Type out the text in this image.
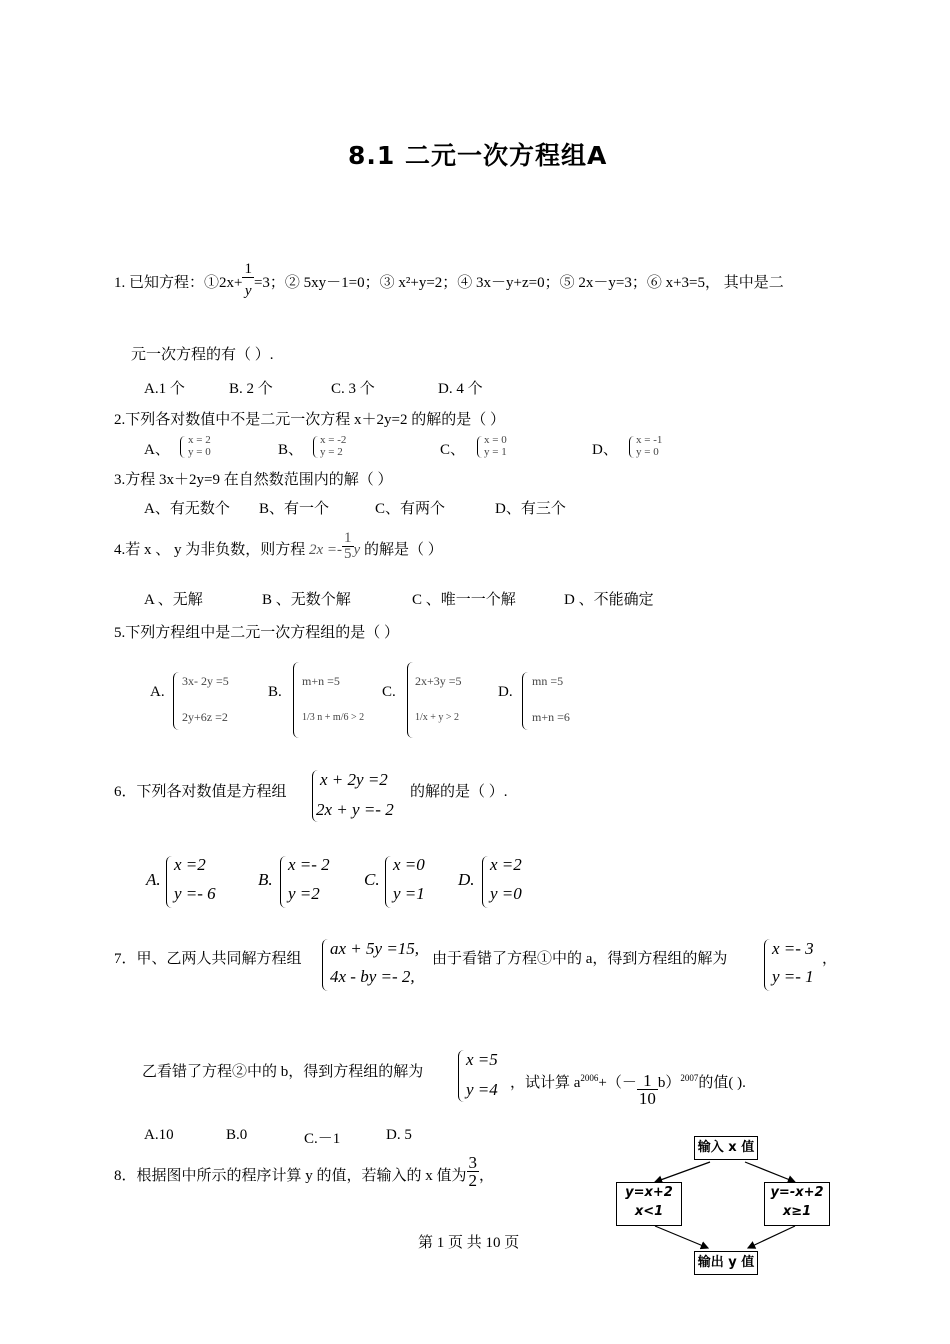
8.1 二元一次方程组A
1. 已知方程：①2x+ $\frac{1}{y} =3$；② 5xy－1=0；③ x²+y=2；④ 3x－y+z=0；⑤ 2x－y=3；⑥ x+3=5， 其中是二
元一次方程的有（ ）.
A.1 个	B. 2 个	C. 3 个	D. 4 个
2.下列各对数值中不是二元一次方程 x＋2y=2 的解的是（ ）
A、
x = 2
y = 0	B、
x = -2
y = 2	C、
x = 0
y = 1	D、
x = -1
y = 0
3.方程 3x＋2y=9 在自然数范围内的解（ ）
A、有无数个 B、有一个	C、有两个	D、有三个
4.若 x 、 y 为非负数，则方程 $2x =- \frac{1}{5}$ y 的解是（ ）
A 、无解	B 、无数个解	C 、唯一一个解	D 、不能确定
5.下列方程组中是二元一次方程组的是（ ）
A.
3x- 2y =5
2y+6z =2
B.
m+n =5
1/3 n + m/6 > 2
C.
2x+3y =5
1/x + y > 2
D.
mn =5
m+n =6
6．下列各对数值是方程组
x + 2y =2
2x + y =- 2
的解的是（ ）.
A.
x =2
y =- 6
B.
x =- 2
y =2
C.
x =0
y =1
D.
x =2
y =0
7．甲、乙两人共同解方程组
ax + 5y =15,
4x - by =- 2,
由于看错了方程①中的 a，得到方程组的解为
x =- 3
y =- 1
，
乙看错了方程②中的 b，得到方程组的解为
x =5
y =4 ，试计算 $a^{2006}+(- \frac{1}{10} b)^{2007}$的值( ).
A.10	B.0	C.－1	D. 5
8．根据图中所示的程序计算 y 的值，若输入的 x 值为 $\frac{3}{2}$ ，
输入 x 值
y=x+2
x<1
y=-x+2
x≥1
输出 y 值
第 1 页 共 10 页
